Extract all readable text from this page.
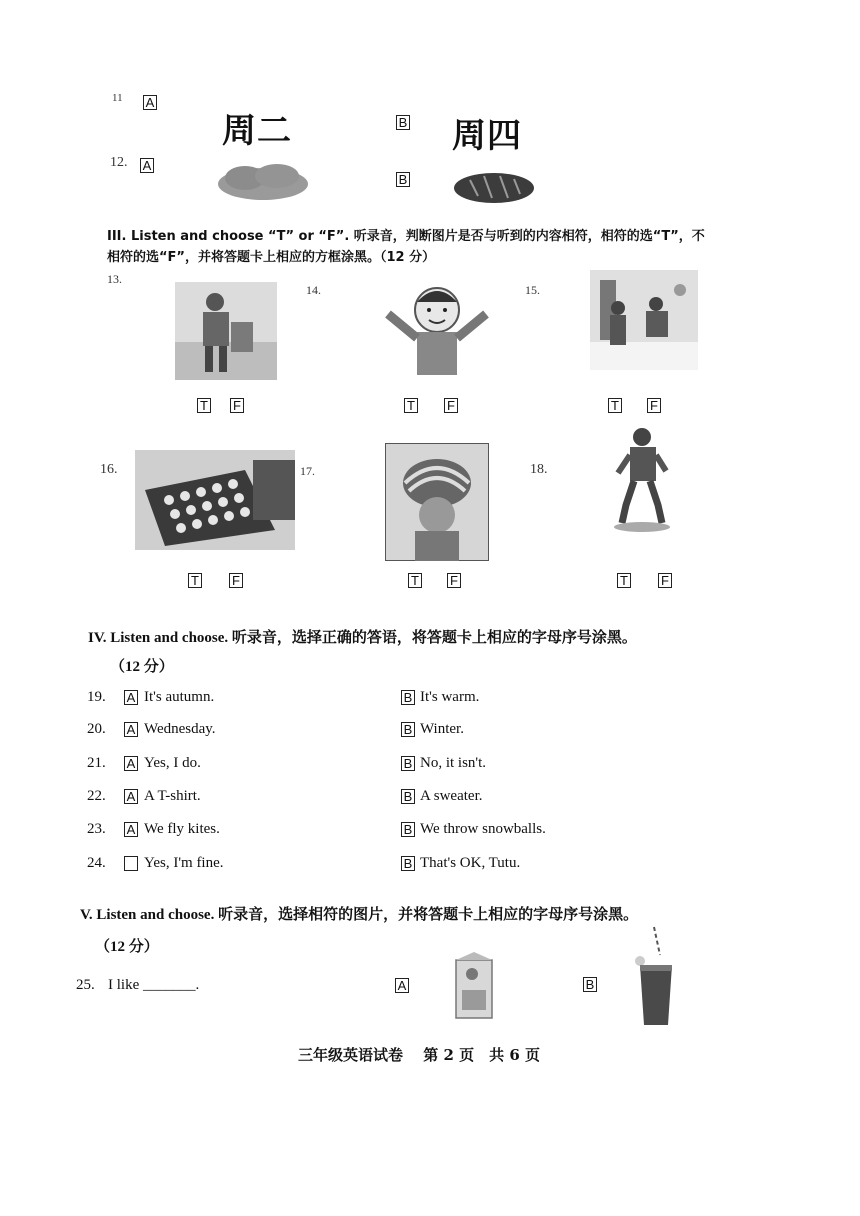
11 A
周二	B 周四
12. A
B
III. Listen and choose “T” or “F”. 听录音，判断图片是否与听到的内容相符，相符的选“T”，不相符的选“F”，并将答题卡上相应的方框涂黑。（12 分）
13.
T F
14.
T F
15.
T F
16.	17.
T	F	T F
18.
T	F
IV. Listen and choose. 听录音，选择正确的答语，将答题卡上相应的字母序号涂黑。
（12 分）
19. A It's autumn.	B It's warm.
20. A Wednesday.	B Winter.
21. A Yes, I do.	B No, it isn't.
22. A A T-shirt.	B A sweater.
23. A We fly kites.	B We throw snowballs.
24.	Yes, I'm fine.	B That's OK, Tutu.
V. Listen and choose. 听录音，选择相符的图片，并将答题卡上相应的字母序号涂黑。
（12 分）
25. I like _______.	A	B
三年级英语试卷　 第 2 页　共 6 页
